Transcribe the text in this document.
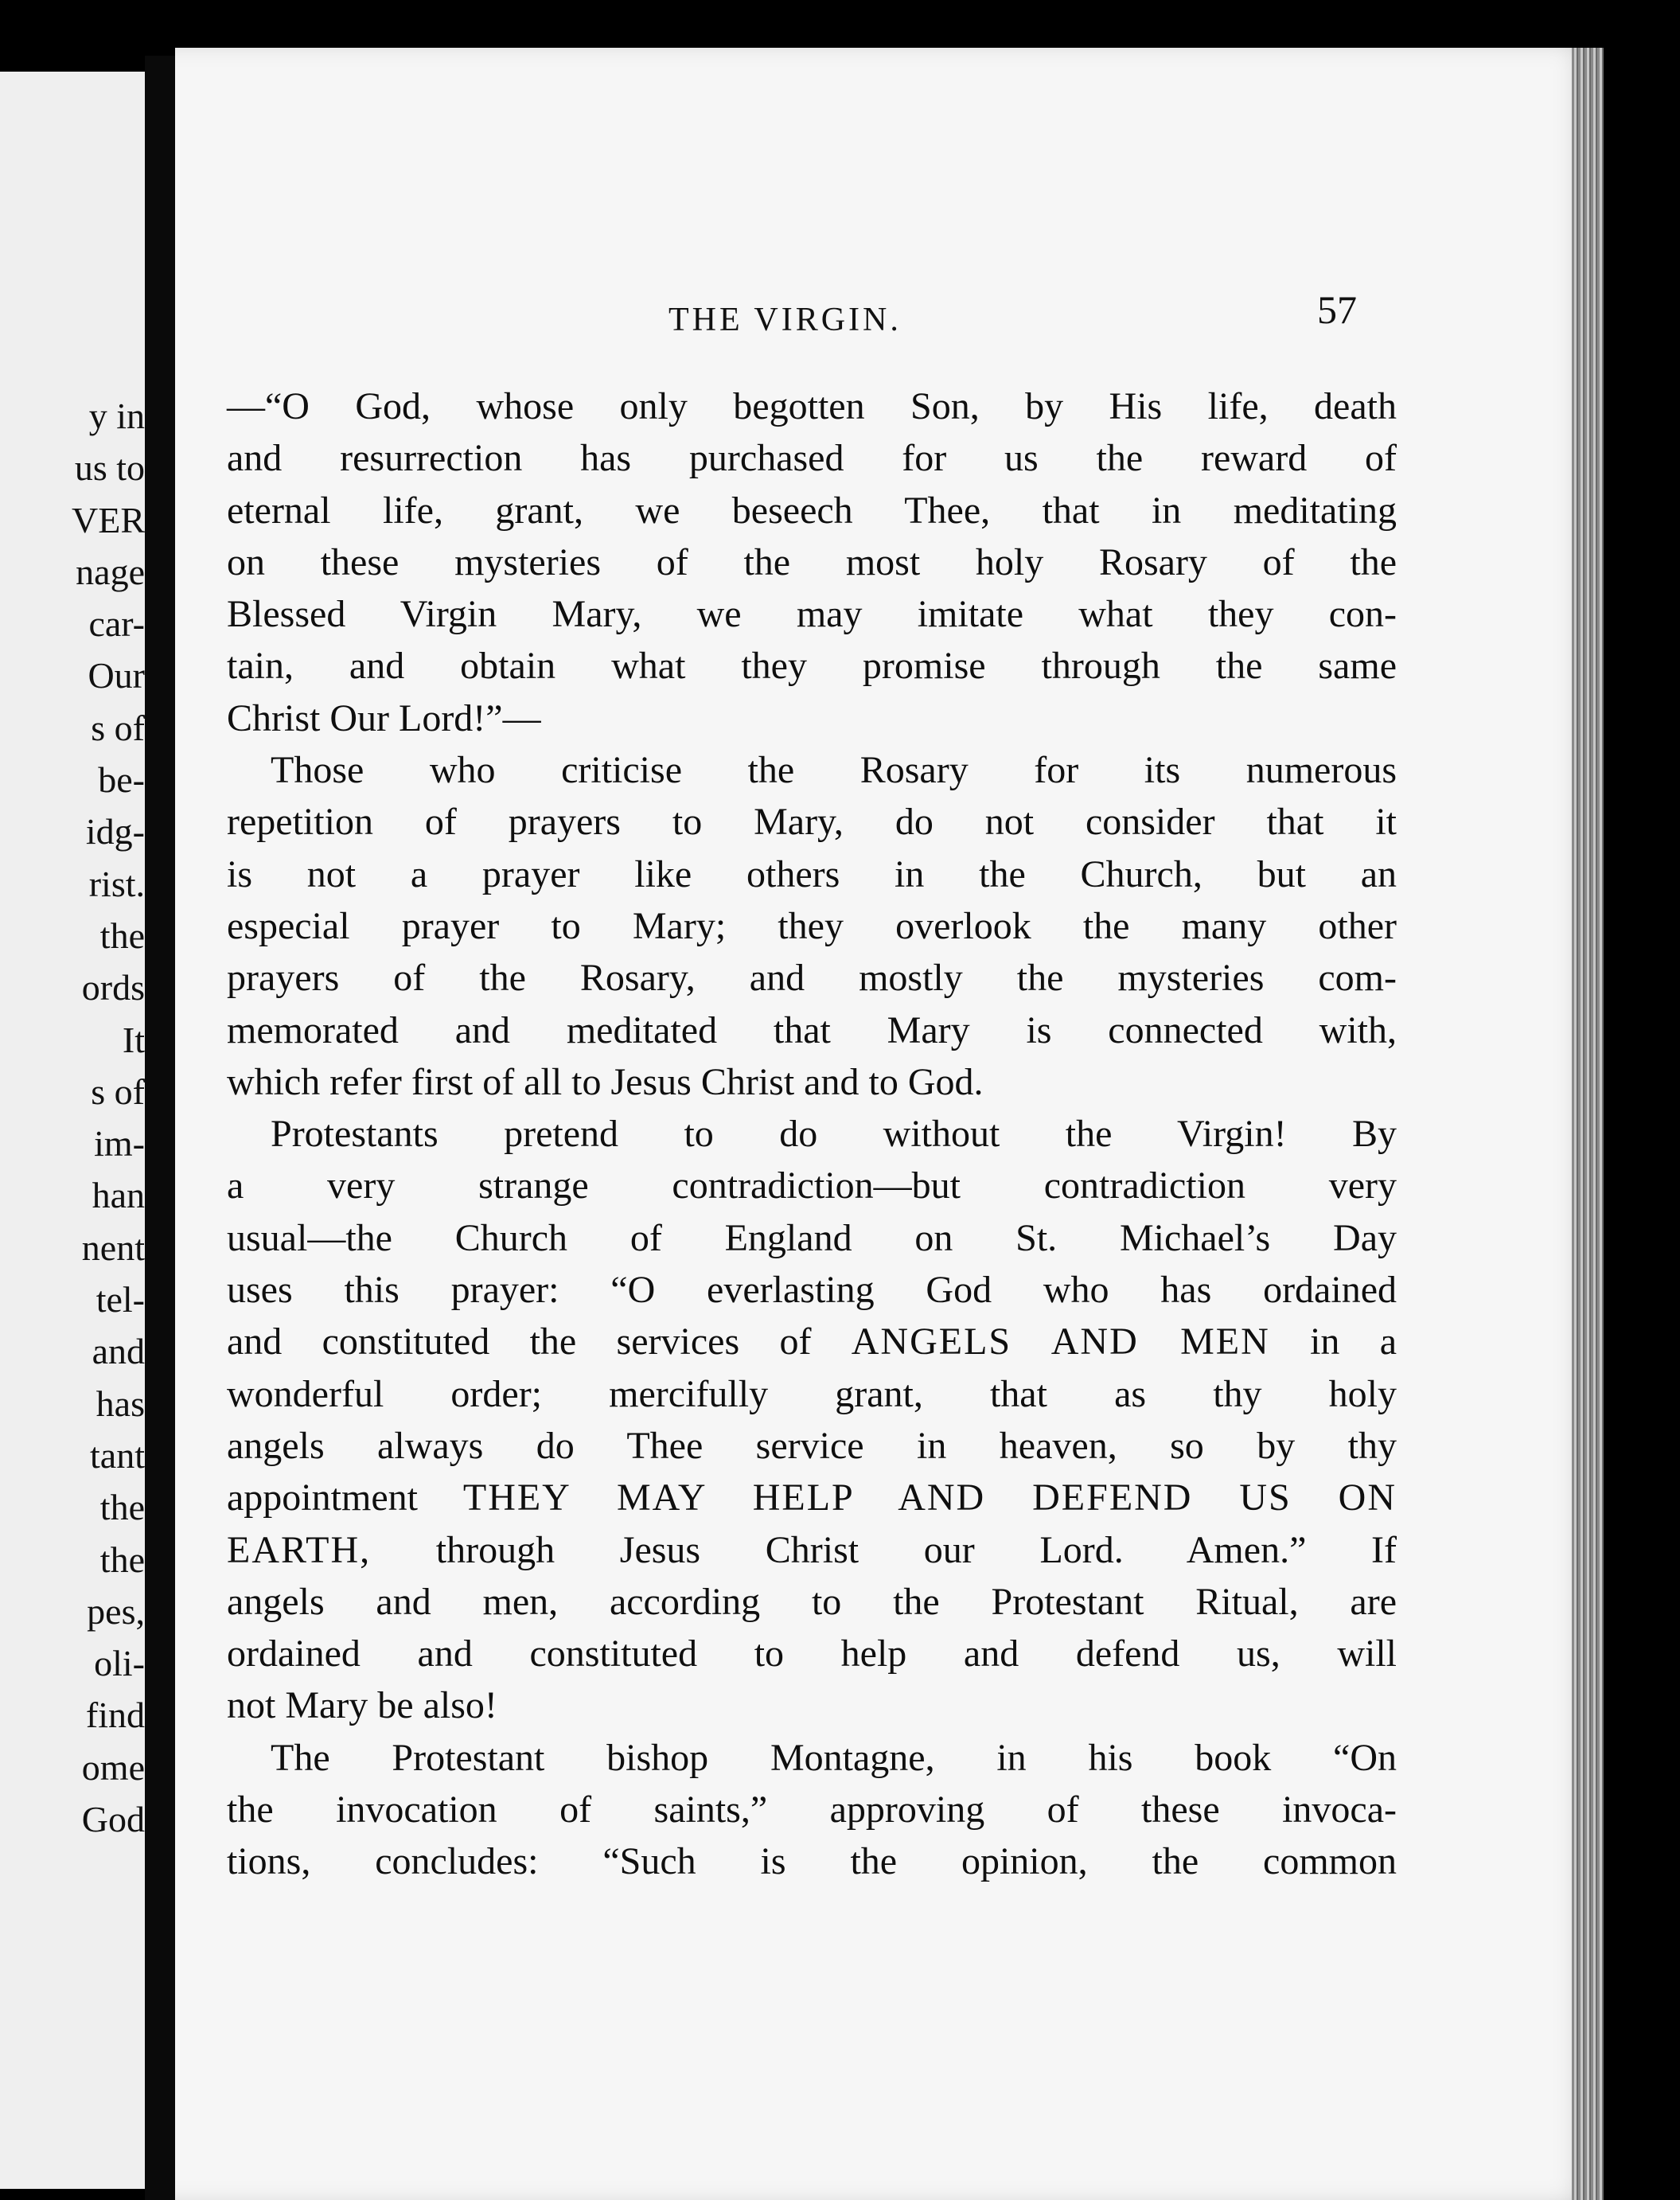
y in
us to
VER
nage
car-
Our
s of
be-
idg-
rist.
the
ords
It
s of
im-
han
nent
tel-
and
has
tant
the
the
pes,
oli-
find
ome
God
THE VIRGIN.	57
—“O God, whose only begotten Son, by His life, death
and resurrection has purchased for us the reward of
eternal life, grant, we beseech Thee, that in meditating
on these mysteries of the most holy Rosary of the
Blessed Virgin Mary, we may imitate what they con-
tain, and obtain what they promise through the same
Christ Our Lord!”—
Those who criticise the Rosary for its numerous
repetition of prayers to Mary, do not consider that it
is not a prayer like others in the Church, but an
especial prayer to Mary; they overlook the many other
prayers of the Rosary, and mostly the mysteries com-
memorated and meditated that Mary is connected with,
which refer first of all to Jesus Christ and to God.
Protestants pretend to do without the Virgin! By
a very strange contradiction—but contradiction very
usual—the Church of England on St. Michael’s Day
uses this prayer: “O everlasting God who has ordained
and constituted the services of ANGELS AND MEN in a
wonderful order; mercifully grant, that as thy holy
angels always do Thee service in heaven, so by thy
appointment THEY MAY HELP AND DEFEND US ON
EARTH, through Jesus Christ our Lord. Amen.” If
angels and men, according to the Protestant Ritual, are
ordained and constituted to help and defend us, will
not Mary be also!
The Protestant bishop Montagne, in his book “On
the invocation of saints,” approving of these invoca-
tions, concludes: “Such is the opinion, the common
